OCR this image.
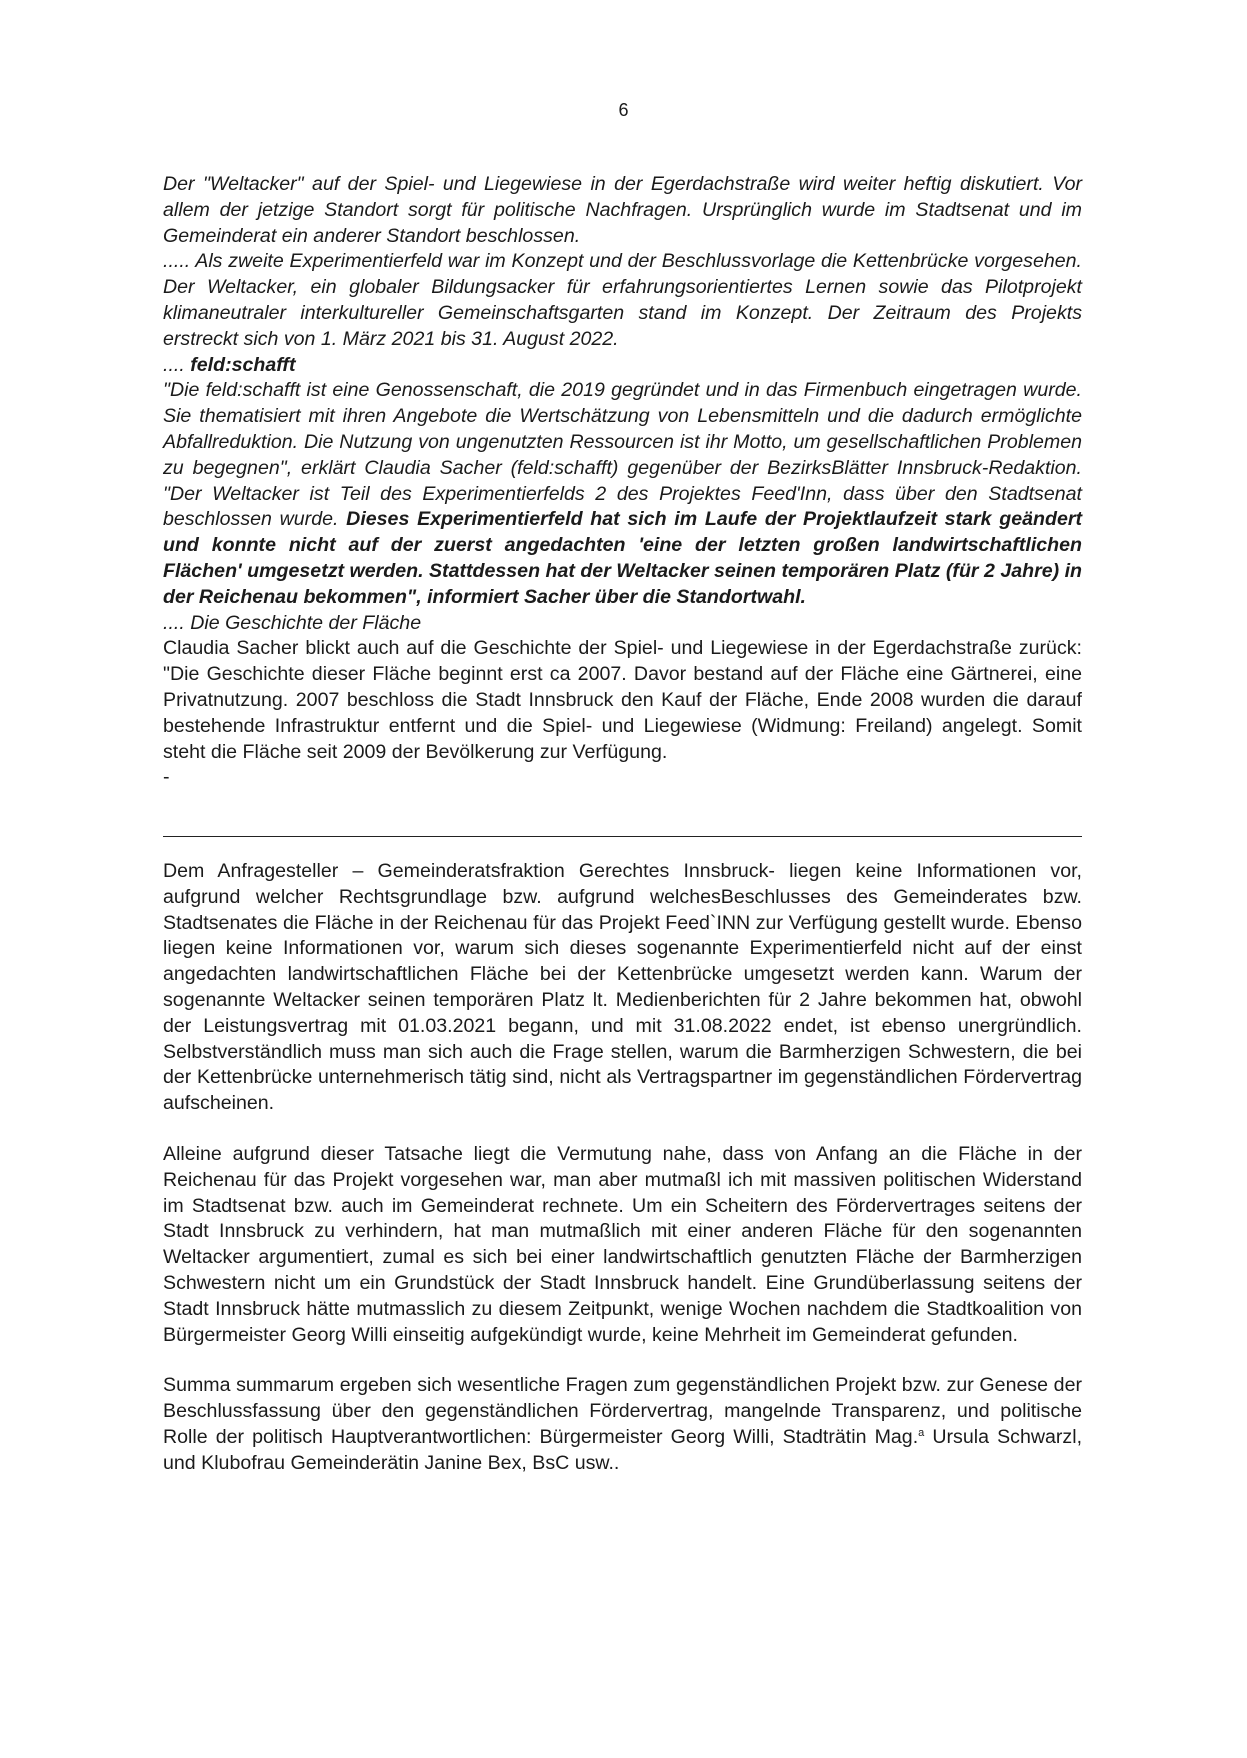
6

Der "Weltacker" auf der Spiel- und Liegewiese in der Egerdachstraße wird weiter heftig diskutiert. Vor allem der jetzige Standort sorgt für politische Nachfragen. Ursprünglich wurde im Stadtsenat und im Gemeinderat ein anderer Standort beschlossen.

..... Als zweite Experimentierfeld war im Konzept und der Beschlussvorlage die Kettenbrücke vorgesehen. Der Weltacker, ein globaler Bildungsacker für erfahrungsorientiertes Lernen sowie das Pilotprojekt klimaneutraler interkultureller Gemeinschaftsgarten stand im Konzept. Der Zeitraum des Projekts erstreckt sich von 1. März 2021 bis 31. August 2022.

.... feld:schafft

"Die feld:schafft ist eine Genossenschaft, die 2019 gegründet und in das Firmenbuch eingetragen wurde. Sie thematisiert mit ihren Angebote die Wertschätzung von Lebensmitteln und die dadurch ermöglichte Abfallreduktion. Die Nutzung von ungenutzten Ressourcen ist ihr Motto, um gesellschaftlichen Problemen zu begegnen", erklärt Claudia Sacher (feld:schafft) gegenüber der BezirksBlätter Innsbruck-Redaktion. "Der Weltacker ist Teil des Experimentierfelds 2 des Projektes Feed'Inn, dass über den Stadtsenat beschlossen wurde. Dieses Experimentierfeld hat sich im Laufe der Projektlaufzeit stark geändert und konnte nicht auf der zuerst angedachten 'eine der letzten großen landwirtschaftlichen Flächen' umgesetzt werden. Stattdessen hat der Weltacker seinen temporären Platz (für 2 Jahre) in der Reichenau bekommen", informiert Sacher über die Standortwahl.

.... Die Geschichte der Fläche

Claudia Sacher blickt auch auf die Geschichte der Spiel- und Liegewiese in der Egerdachstraße zurück: "Die Geschichte dieser Fläche beginnt erst ca 2007. Davor bestand auf der Fläche eine Gärtnerei, eine Privatnutzung. 2007 beschloss die Stadt Innsbruck den Kauf der Fläche, Ende 2008 wurden die darauf bestehende Infrastruktur entfernt und die Spiel- und Liegewiese (Widmung: Freiland) angelegt. Somit steht die Fläche seit 2009 der Bevölkerung zur Verfügung.

-

Dem Anfragesteller – Gemeinderatsfraktion Gerechtes Innsbruck- liegen keine Informationen vor, aufgrund welcher Rechtsgrundlage bzw. aufgrund welchesBeschlusses des Gemeinderates bzw. Stadtsenates die Fläche in der Reichenau für das Projekt Feed`INN zur Verfügung gestellt wurde. Ebenso liegen keine Informationen vor, warum sich dieses sogenannte Experimentierfeld nicht auf der einst angedachten landwirtschaftlichen Fläche bei der Kettenbrücke umgesetzt werden kann. Warum der sogenannte Weltacker seinen temporären Platz lt. Medienberichten für 2 Jahre bekommen hat, obwohl der Leistungsvertrag mit 01.03.2021 begann, und mit 31.08.2022 endet, ist ebenso unergründlich. Selbstverständlich muss man sich auch die Frage stellen, warum die Barmherzigen Schwestern, die bei der Kettenbrücke unternehmerisch tätig sind, nicht als Vertragspartner im gegenständlichen Fördervertrag aufscheinen.

Alleine aufgrund dieser Tatsache liegt die Vermutung nahe, dass von Anfang an die Fläche in der Reichenau für das Projekt vorgesehen war, man aber mutmaßl ich mit massiven politischen Widerstand im Stadtsenat bzw. auch im Gemeinderat rechnete. Um ein Scheitern des Fördervertrages seitens der Stadt Innsbruck zu verhindern, hat man mutmaßlich mit einer anderen Fläche für den sogenannten Weltacker argumentiert, zumal es sich bei einer landwirtschaftlich genutzten Fläche der Barmherzigen Schwestern nicht um ein Grundstück der Stadt Innsbruck handelt. Eine Grundüberlassung seitens der Stadt Innsbruck hätte mutmasslich zu diesem Zeitpunkt, wenige Wochen nachdem die Stadtkoalition von Bürgermeister Georg Willi einseitig aufgekündigt wurde, keine Mehrheit im Gemeinderat gefunden.

Summa summarum ergeben sich wesentliche Fragen zum gegenständlichen Projekt bzw. zur Genese der Beschlussfassung über den gegenständlichen Fördervertrag, mangelnde Transparenz, und politische Rolle der politisch Hauptverantwortlichen: Bürgermeister Georg Willi, Stadträtin Mag.$^a$ Ursula Schwarzl, und Klubofrau Gemeinderätin Janine Bex, BsC usw..
